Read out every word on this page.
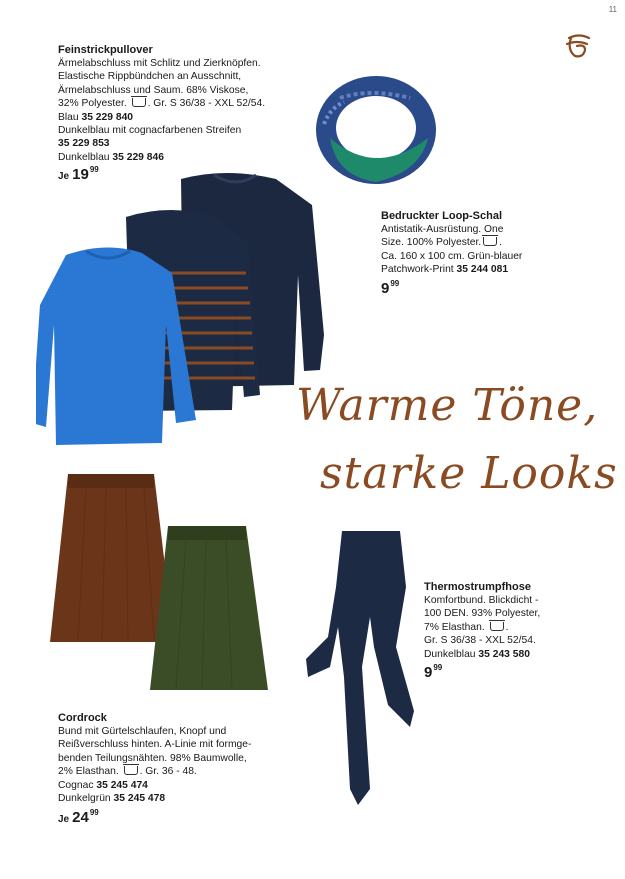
11
Feinstrickpullover
Ärmelabschluss mit Schlitz und Zierknöpfen.
Elastische Rippbündchen an Ausschnitt,
Ärmelabschluss und Saum. 68% Viskose,
32% Polyester. . Gr. S 36/38 - XXL 52/54.
Blau 35 229 840
Dunkelblau mit cognacfarbenen Streifen
35 229 853
Dunkelblau 35 229 846
Je $19^{99}$
Bedruckter Loop-Schal
Antistatik-Ausrüstung. One
Size. 100% Polyester. .
Ca. 160 x 100 cm. Grün-blauer
Patchwork-Print 35 244 081
$9^{99}$
Warme Töne,
starke Looks
Thermostrumpfhose
Komfortbund. Blickdicht -
100 DEN. 93% Polyester,
7% Elasthan. .
Gr. S 36/38 - XXL 52/54.
Dunkelblau 35 243 580
$9^{99}$
Cordrock
Bund mit Gürtelschlaufen, Knopf und
Reißverschluss hinten. A-Linie mit formge-
benden Teilungsnähten. 98% Baumwolle,
2% Elasthan. . Gr. 36 - 48.
Cognac 35 245 474
Dunkelgrün 35 245 478
Je $24^{99}$
